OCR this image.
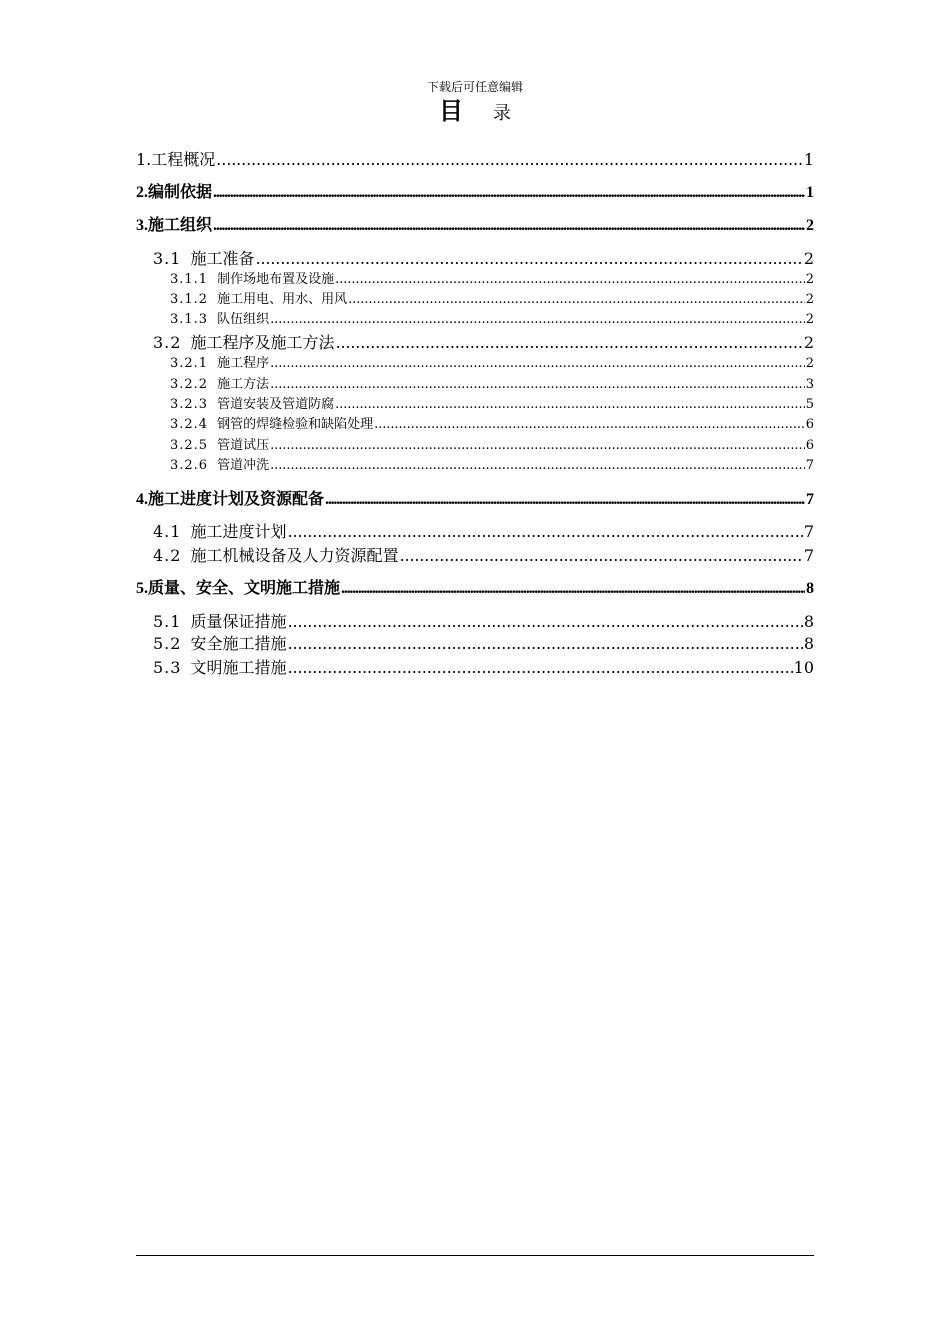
下载后可任意编辑
目 录
1. 工程概况 . . .	1
2. 编制依据 . . .	1
3. 施工组织 . . .	2
3.1 施工准备 . . .	2
3.1.1 制作场地布置及设施 . . .	2
3.1.2 施工用电、用水、用风 . . .	2
3.1.3 队伍组织 . . .	2
3.2 施工程序及施工方法 . . .	2
3.2.1 施工程序 . . .	2
3.2.2 施工方法 . . .	3
3.2.3 管道安装及管道防腐 . . .	5
3.2.4 钢管的焊缝检验和缺陷处理 . . .	6
3.2.5 管道试压 . . .	6
3.2.6 管道冲洗 . . .	7
4. 施工进度计划及资源配备 . . .	7
4.1 施工进度计划 . . .	7
4.2 施工机械设备及人力资源配置 . . .	7
5. 质量、安全、文明施工措施 . . .	8
5.1 质量保证措施 . . .	8
5.2 安全施工措施 . . .	8
5.3 文明施工措施 . . .	10
